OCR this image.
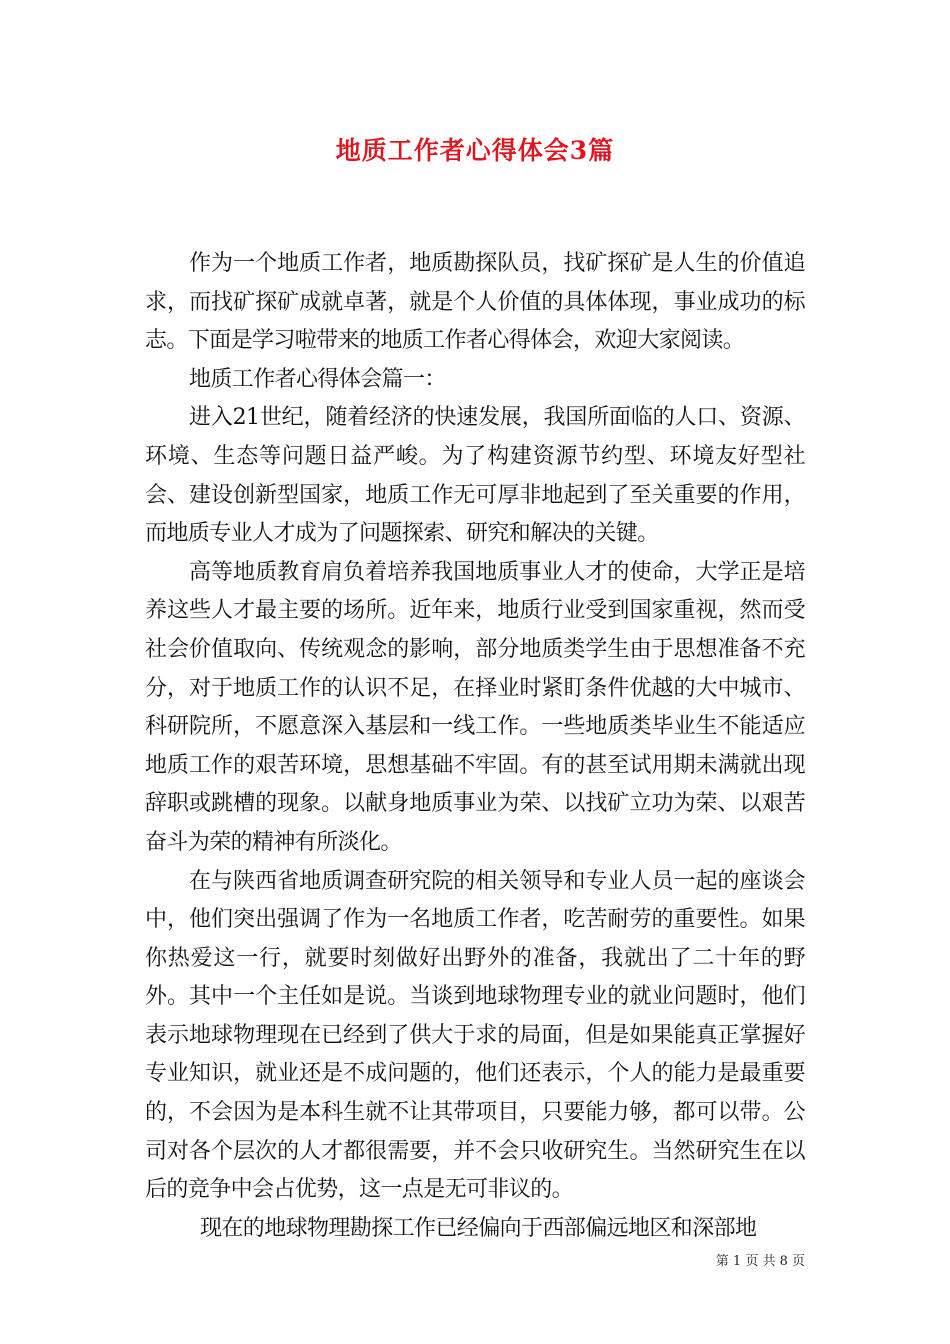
地质工作者心得体会3篇

作为一个地质工作者，地质勘探队员，找矿探矿是人生的价值追求，而找矿探矿成就卓著，就是个人价值的具体体现，事业成功的标志。下面是学习啦带来的地质工作者心得体会，欢迎大家阅读。

地质工作者心得体会篇一：

进入21世纪，随着经济的快速发展，我国所面临的人口、资源、环境、生态等问题日益严峻。为了构建资源节约型、环境友好型社会、建设创新型国家，地质工作无可厚非地起到了至关重要的作用，而地质专业人才成为了问题探索、研究和解决的关键。

高等地质教育肩负着培养我国地质事业人才的使命，大学正是培养这些人才最主要的场所。近年来，地质行业受到国家重视，然而受社会价值取向、传统观念的影响，部分地质类学生由于思想准备不充分，对于地质工作的认识不足，在择业时紧盯条件优越的大中城市、科研院所，不愿意深入基层和一线工作。一些地质类毕业生不能适应地质工作的艰苦环境，思想基础不牢固。有的甚至试用期未满就出现辞职或跳槽的现象。以献身地质事业为荣、以找矿立功为荣、以艰苦奋斗为荣的精神有所淡化。

在与陕西省地质调查研究院的相关领导和专业人员一起的座谈会中，他们突出强调了作为一名地质工作者，吃苦耐劳的重要性。如果你热爱这一行，就要时刻做好出野外的准备，我就出了二十年的野外。其中一个主任如是说。当谈到地球物理专业的就业问题时，他们表示地球物理现在已经到了供大于求的局面，但是如果能真正掌握好专业知识，就业还是不成问题的，他们还表示，个人的能力是最重要的，不会因为是本科生就不让其带项目，只要能力够，都可以带。公司对各个层次的人才都很需要，并不会只收研究生。当然研究生在以后的竞争中会占优势，这一点是无可非议的。

现在的地球物理勘探工作已经偏向于西部偏远地区和深部地

第 1 页 共 8 页
